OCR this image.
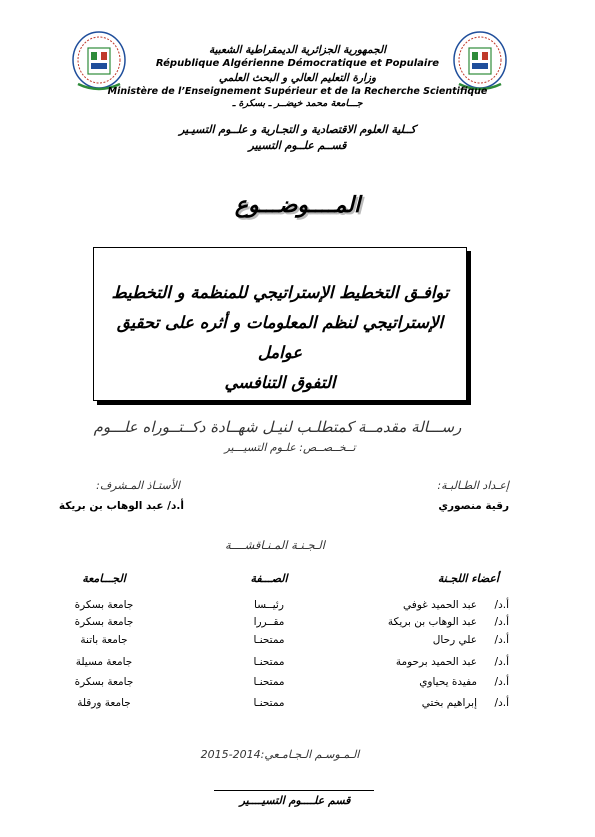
الجمهورية الجزائرية الديمقراطية الشعبية
République Algérienne Démocratique et Populaire
وزارة التعليم العالي و البحث العلمي
Ministère de l’Enseignement Supérieur et de la Recherche Scientifique
جـــامعة محمد خيضــر ـ بسكرة ـ
كــلية العلوم الاقتصادية و التجـارية و علــوم التسيـير
قســم علــوم التسيير
المــــوضـــوع
توافـق التخطيط الإستراتيجي للمنظمة و التخطيط
الإستراتيجي لنظم المعلومات و أثره على تحقيق عوامل
التفوق التنافسي
رســـالة مقدمــة كمتطلـب لنيـل شهــادة دكــتــوراه علـــوم
تــخــصــص: علـوم التسيـــير
إعـداد الطـالبـة:
رقية منصوري
الأستـاذ المـشرف:
أ.د/ عبد الوهاب بن بريكة
الـجـنـة المـنـاقشــــة
أعضاء اللجـنة
الصـــفة
الجـــامعة
أ.د/
عبد الحميد غوفي
رئيــسا
جامعة بسكرة
أ.د/
عبد الوهاب بن بريكة
مقــررا
جامعة بسكرة
أ.د/
علي رحال
ممتحنـا
جامعة باتنة
أ.د/
عبد الحميد برحومة
ممتحنـا
جامعة مسيلة
أ.د/
مفيدة يحياوي
ممتحنـا
جامعة بسكرة
أ.د/
إبراهيم بختي
ممتحنـا
جامعة ورقلة
الـمـوسـم الـجـامـعي:2014-2015
قسم علــــوم التسيــــير
